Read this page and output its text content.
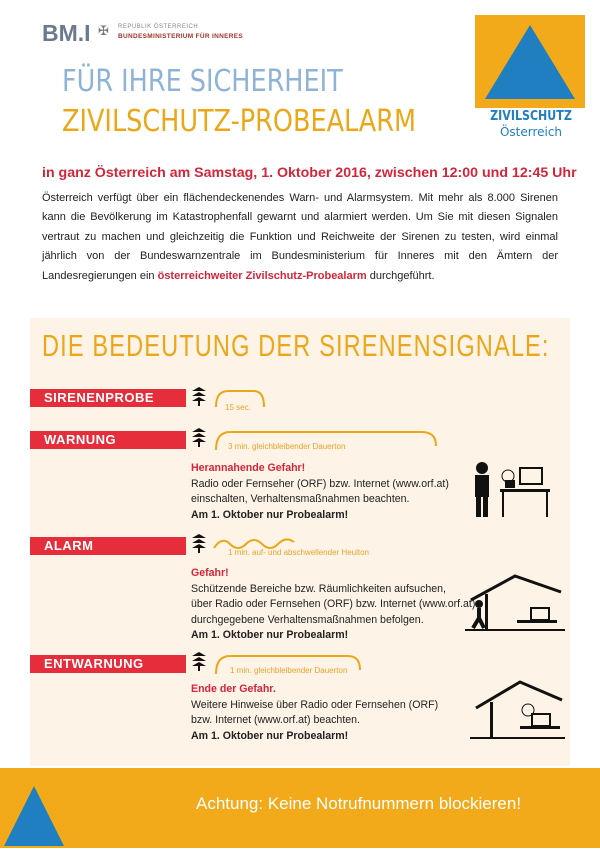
BM.I ✠ REPUBLIK ÖSTERREICH
BUNDESMINISTERIUM FÜR INNERES
FÜR IHRE SICHERHEIT
ZIVILSCHUTZ-PROBEALARM	ZIVILSCHUTZ
Österreich
in ganz Österreich am Samstag, 1. Oktober 2016, zwischen 12:00 und 12:45 Uhr
Österreich verfügt über ein flächendeckenendes Warn- und Alarmsystem. Mit mehr als 8.000 Sirenen kann die Bevölkerung im Katastrophenfall gewarnt und alarmiert werden. Um Sie mit diesen Signalen vertraut zu machen und gleichzeitig die Funktion und Reichweite der Sirenen zu testen, wird einmal jährlich von der Bundeswarnzentrale im Bundesministerium für Inneres mit den Ämtern der Landesregierungen ein österreichweiter Zivilschutz-Probealarm durchgeführt.
DIE BEDEUTUNG DER SIRENENSIGNALE:
SIRENENPROBE
15 sec.
WARNUNG	3 min. gleichbleibender Dauerton
Herannahende Gefahr!
Radio oder Fernseher (ORF) bzw. Internet (www.orf.at)
einschalten, Verhaltensmaßnahmen beachten.
Am 1. Oktober nur Probealarm!
ALARM	1 min. auf- und abschwellender Heulton
Gefahr!
Schützende Bereiche bzw. Räumlichkeiten aufsuchen,
über Radio oder Fernsehen (ORF) bzw. Internet (www.orf.at)
durchgegebene Verhaltensmaßnahmen befolgen.
Am 1. Oktober nur Probealarm!
ENTWARNUNG	1 min. gleichbleibender Dauerton
Ende der Gefahr.
Weitere Hinweise über Radio oder Fernsehen (ORF)
bzw. Internet (www.orf.at) beachten.
Am 1. Oktober nur Probealarm!
Achtung: Keine Notrufnummern blockieren!
